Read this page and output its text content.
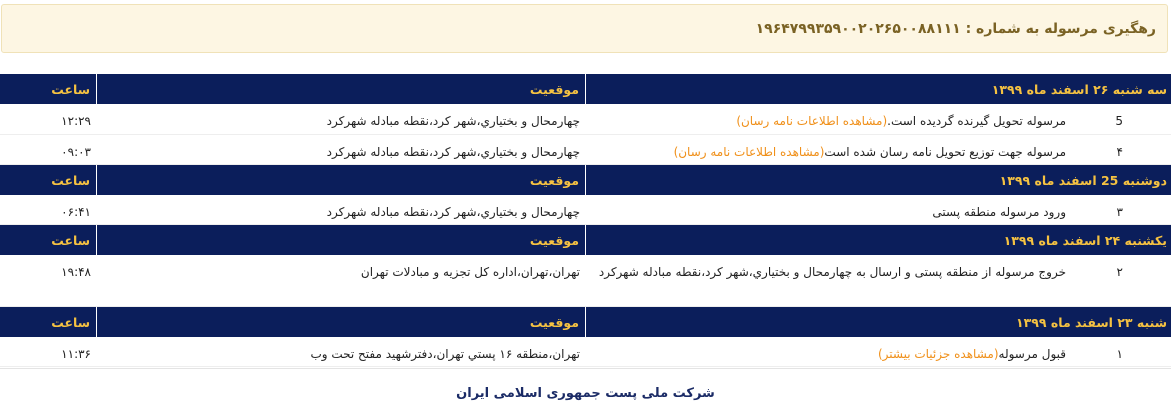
رهگیری مرسوله به شماره : ۱۹۶۴۷۹۹۳۵۹۰۰۲۰۲۶۵۰۰۸۸۱۱۱
سه شنبه ۲۶ اسفند ماه ۱۳۹۹
موقعیت
ساعت
5
مرسوله تحویل گیرنده گردیده است.(مشاهده اطلاعات نامه رسان)
چهارمحال و بختياري،شهر کرد،نقطه مبادله شهرکرد
۱۲:۲۹
۴
مرسوله جهت توزیع تحویل نامه رسان شده است(مشاهده اطلاعات نامه رسان)
چهارمحال و بختياري،شهر کرد،نقطه مبادله شهرکرد
۰۹:۰۳
دوشنبه 25 اسفند ماه ۱۳۹۹
موقعیت
ساعت
۳
ورود مرسوله منطقه پستی
چهارمحال و بختياري،شهر کرد،نقطه مبادله شهرکرد
۰۶:۴۱
یکشنبه ۲۴ اسفند ماه ۱۳۹۹
موقعیت
ساعت
۲
خروج مرسوله از منطقه پستی و ارسال به چهارمحال و بختياري،شهر کرد،نقطه مبادله شهرکرد
تهران،تهران،اداره کل تجزیه و مبادلات تهران
۱۹:۴۸
شنبه ۲۳ اسفند ماه ۱۳۹۹
موقعیت
ساعت
۱
قبول مرسوله(مشاهده جزئیات بیشتر)
تهران،منطقه ۱۶ پستي تهران،دفترشهيد مفتح تحت وب
۱۱:۳۶
شرکت ملی پست جمهوری اسلامی ایران
